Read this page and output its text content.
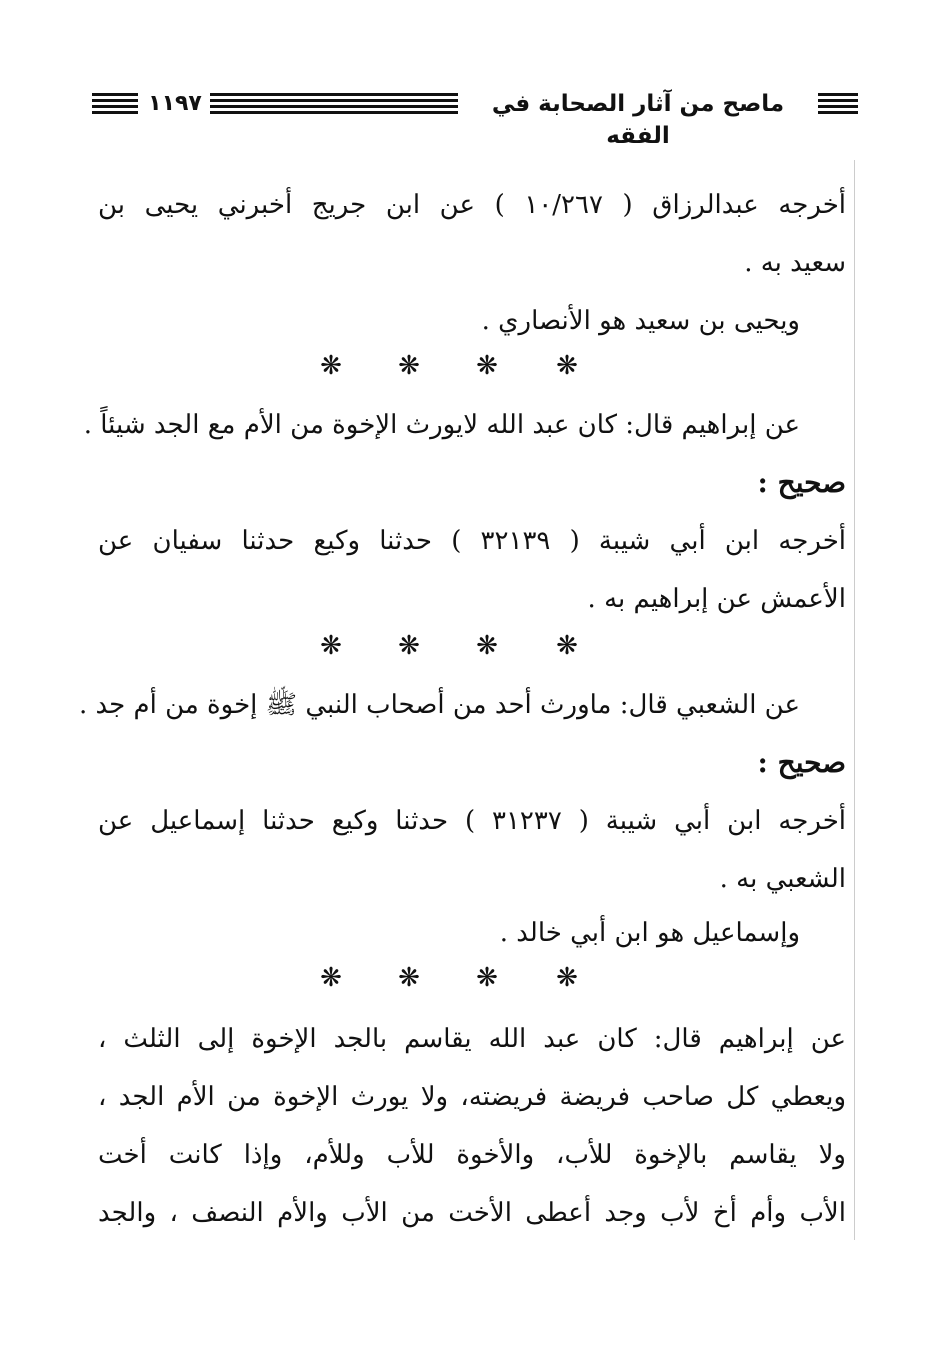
١١٩٧	ماصح من آثار الصحابة في الفقه
أخرجه عبدالرزاق ( ١٠/٢٦٧ ) عن ابن جريج أخبرني يحيى بن
سعيد به .
ويحيى بن سعيد هو الأنصاري .
عن إبراهيم قال: كان عبد الله لايورث الإخوة من الأم مع الجد شيئاً .
صحيح :
أخرجه ابن أبي شيبة ( ٣٢١٣٩ ) حدثنا وكيع حدثنا سفيان عن
الأعمش عن إبراهيم به .
عن الشعبي قال: ماورث أحد من أصحاب النبي ﷺ إخوة من أم جد .
صحيح :
أخرجه ابن أبي شيبة ( ٣١٢٣٧ ) حدثنا وكيع حدثنا إسماعيل عن
الشعبي به .
وإسماعيل هو ابن أبي خالد .
عن إبراهيم قال: كان عبد الله يقاسم بالجد الإخوة إلى الثلث ،
ويعطي كل صاحب فريضة فريضته، ولا يورث الإخوة من الأم الجد ،
ولا يقاسم بالإخوة للأب، والأخوة للأب وللأم، وإذا كانت أخت
الأب وأم أخ لأب وجد أعطى الأخت من الأب والأم النصف ، والجد
❋ ❋ ❋ ❋
❋ ❋ ❋ ❋
❋ ❋ ❋ ❋
